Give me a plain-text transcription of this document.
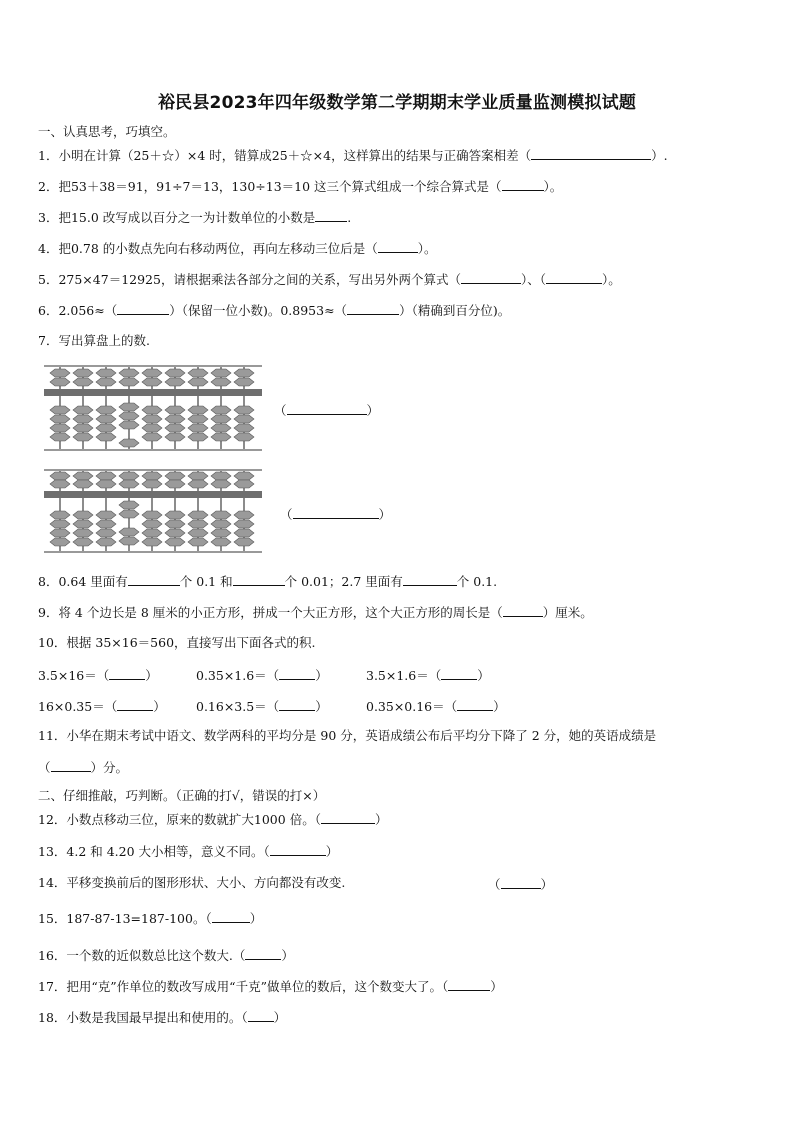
裕民县2023年四年级数学第二学期期末学业质量监测模拟试题
一、认真思考，巧填空。
1．小明在计算（25＋☆）×4 时，错算成25＋☆×4，这样算出的结果与正确答案相差（	）.
2．把53＋38＝91，91÷7＝13，130÷13＝10 这三个算式组成一个综合算式是（	）。
3．把15.0 改写成以百分之一为计数单位的小数是	.
4．把0.78 的小数点先向右移动两位，再向左移动三位后是（	）。
5．275×47＝12925，请根据乘法各部分之间的关系，写出另外两个算式（	）、（	）。
6．2.056≈（	）（保留一位小数)。0.8953≈（	）（精确到百分位)。
7．写出算盘上的数.
（	）
（	）
8．0.64 里面有	个 0.1 和	个 0.01；2.7 里面有	个 0.1.
9．将 4 个边长是 8 厘米的小正方形，拼成一个大正方形，这个大正方形的周长是（	）厘米。
10．根据 35×16＝560，直接写出下面各式的积.
3.5×16＝（	）	0.35×1.6＝（	）	3.5×1.6＝（	）
16×0.35＝（	） 0.16×3.5＝（	）	0.35×0.16＝（	）
11．小华在期末考试中语文、数学两科的平均分是 90 分，英语成绩公布后平均分下降了 2 分，她的英语成绩是
（	）分。
二、仔细推敲，巧判断。（正确的打√，错误的打×）
12．小数点移动三位，原来的数就扩大1000 倍。（	）
13．4.2 和 4.20 大小相等，意义不同。（	）
14．平移变换前后的图形形状、大小、方向都没有改变.	（	）
15．187-87-13=187-100。（	）
16．一个数的近似数总比这个数大.（	）
17．把用“克”作单位的数改写成用“千克”做单位的数后，这个数变大了。（	）
18．小数是我国最早提出和使用的。（ ）
